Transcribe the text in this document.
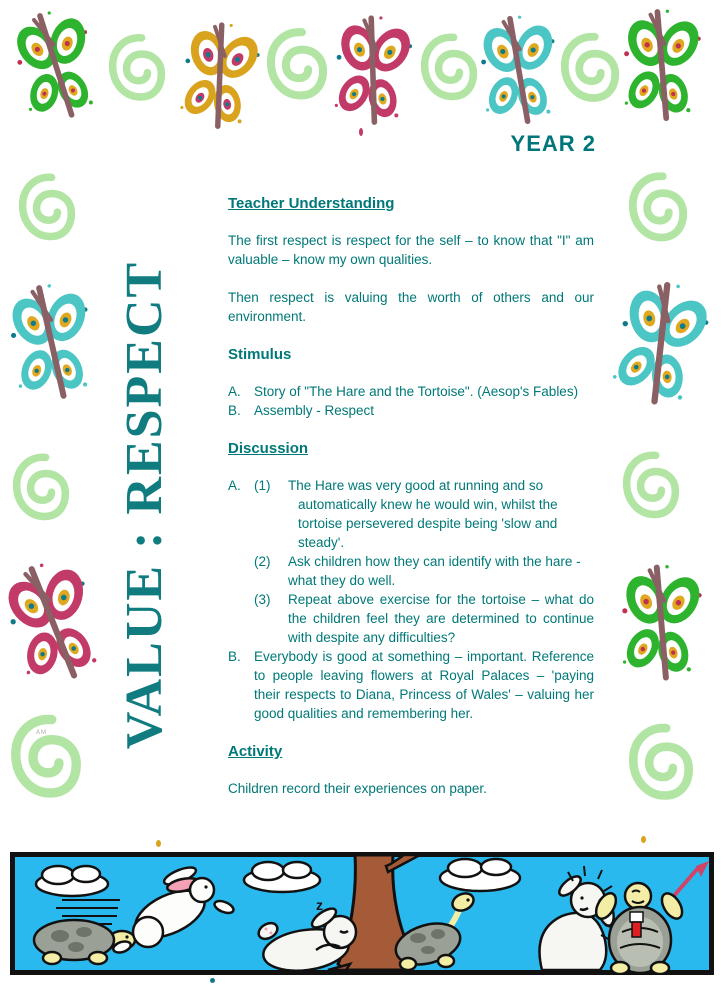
YEAR 2
VALUE : RESPECT
AM
Teacher Understanding

The first respect is respect for the self – to know that "I" am valuable – know my own qualities.

Then respect is valuing the worth of others and our environment.

Stimulus
A. Story of "The Hare and the Tortoise". (Aesop's Fables)
B. Assembly - Respect
Discussion
A. (1)	The Hare was very good at running and so automatically knew he would win, whilst the tortoise persevered despite being 'slow and steady'.
(2)	Ask children how they can identify with the hare -what they do well.
(3)	Repeat above exercise for the tortoise – what do the children feel they are determined to continue with despite any difficulties?
B. Everybody is good at something – important. Reference to people leaving flowers at Royal Palaces – 'paying their respects to Diana, Princess of Wales' – valuing her good qualities and remembering her.
Activity

Children record their experiences on paper.

z
